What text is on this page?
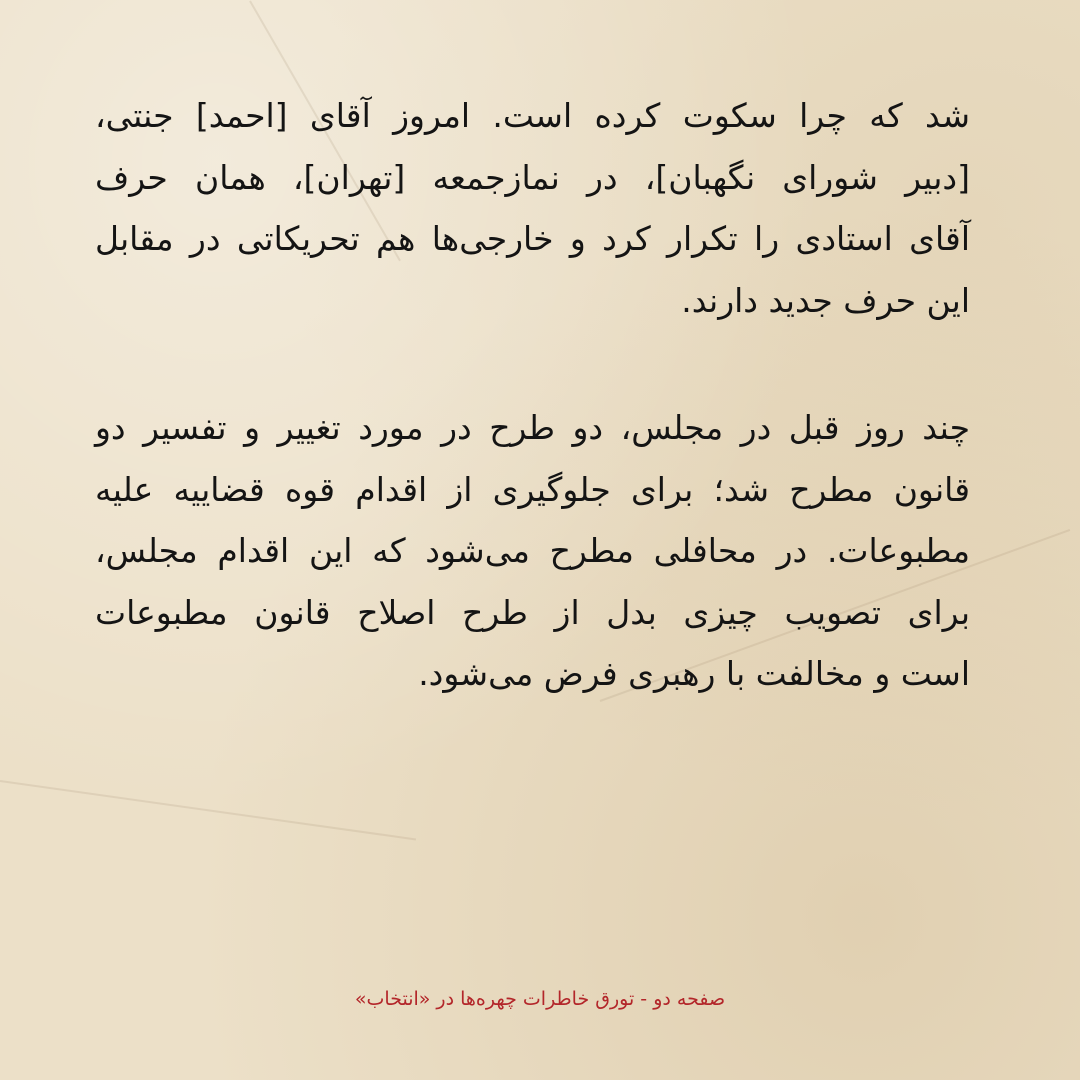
شد که چرا سکوت کرده است. امروز آقای [احمد] جنتی،
[دبیر شورای نگهبان]، در نمازجمعه [تهران]، همان حرف
آقای استادی را تکرار کرد و خارجی‌ها هم تحریکاتی در مقابل
این حرف جدید دارند.
چند روز قبل در مجلس، دو طرح در مورد تغییر و تفسیر دو
قانون مطرح شد؛ برای جلوگیری از اقدام قوه قضاییه علیه
مطبوعات. در محافلی مطرح می‌شود که این اقدام مجلس،
برای تصویب چیزی بدل از طرح اصلاح قانون مطبوعات
است و مخالفت با رهبری فرض می‌شود.
صفحه دو - تورق خاطرات چهره‌ها در «انتخاب»
